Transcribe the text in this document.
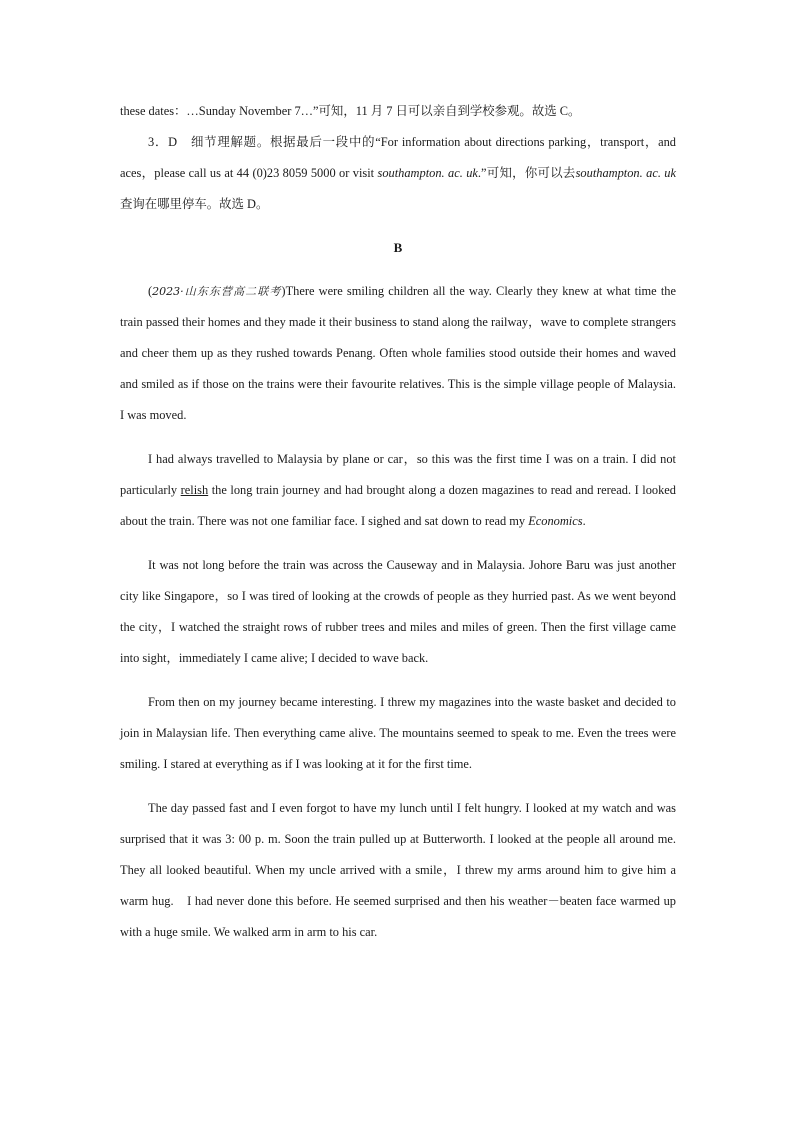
these dates：…Sunday November 7…”可知，11 月 7 日可以亲自到学校参观。故选 C。

3．D　细节理解题。根据最后一段中的“For information about directions parking，transport，and aces，please call us at 44 (0)23 8059 5000 or visit southampton. ac. uk.”可知，你可以去southampton. ac. uk查询在哪里停车。故选 D。

B

(2023·山东东营高二联考)There were smiling children all the way. Clearly they knew at what time the train passed their homes and they made it their business to stand along the railway，wave to complete strangers and cheer them up as they rushed towards Penang. Often whole families stood outside their homes and waved and smiled as if those on the trains were their favourite relatives. This is the simple village people of Malaysia. I was moved.

I had always travelled to Malaysia by plane or car，so this was the first time I was on a train. I did not particularly relish the long train journey and had brought along a dozen magazines to read and reread. I looked about the train. There was not one familiar face. I sighed and sat down to read my Economics.

It was not long before the train was across the Causeway and in Malaysia. Johore Baru was just another city like Singapore，so I was tired of looking at the crowds of people as they hurried past. As we went beyond the city，I watched the straight rows of rubber trees and miles and miles of green. Then the first village came into sight，immediately I came alive; I decided to wave back.

From then on my journey became interesting. I threw my magazines into the waste basket and decided to join in Malaysian life. Then everything came alive. The mountains seemed to speak to me. Even the trees were smiling. I stared at everything as if I was looking at it for the first time.

The day passed fast and I even forgot to have my lunch until I felt hungry. I looked at my watch and was surprised that it was 3: 00 p. m. Soon the train pulled up at Butterworth. I looked at the people all around me. They all looked beautiful. When my uncle arrived with a smile，I threw my arms around him to give him a warm hug.　I had never done this before. He seemed surprised and then his weather－beaten face warmed up with a huge smile. We walked arm in arm to his car.
